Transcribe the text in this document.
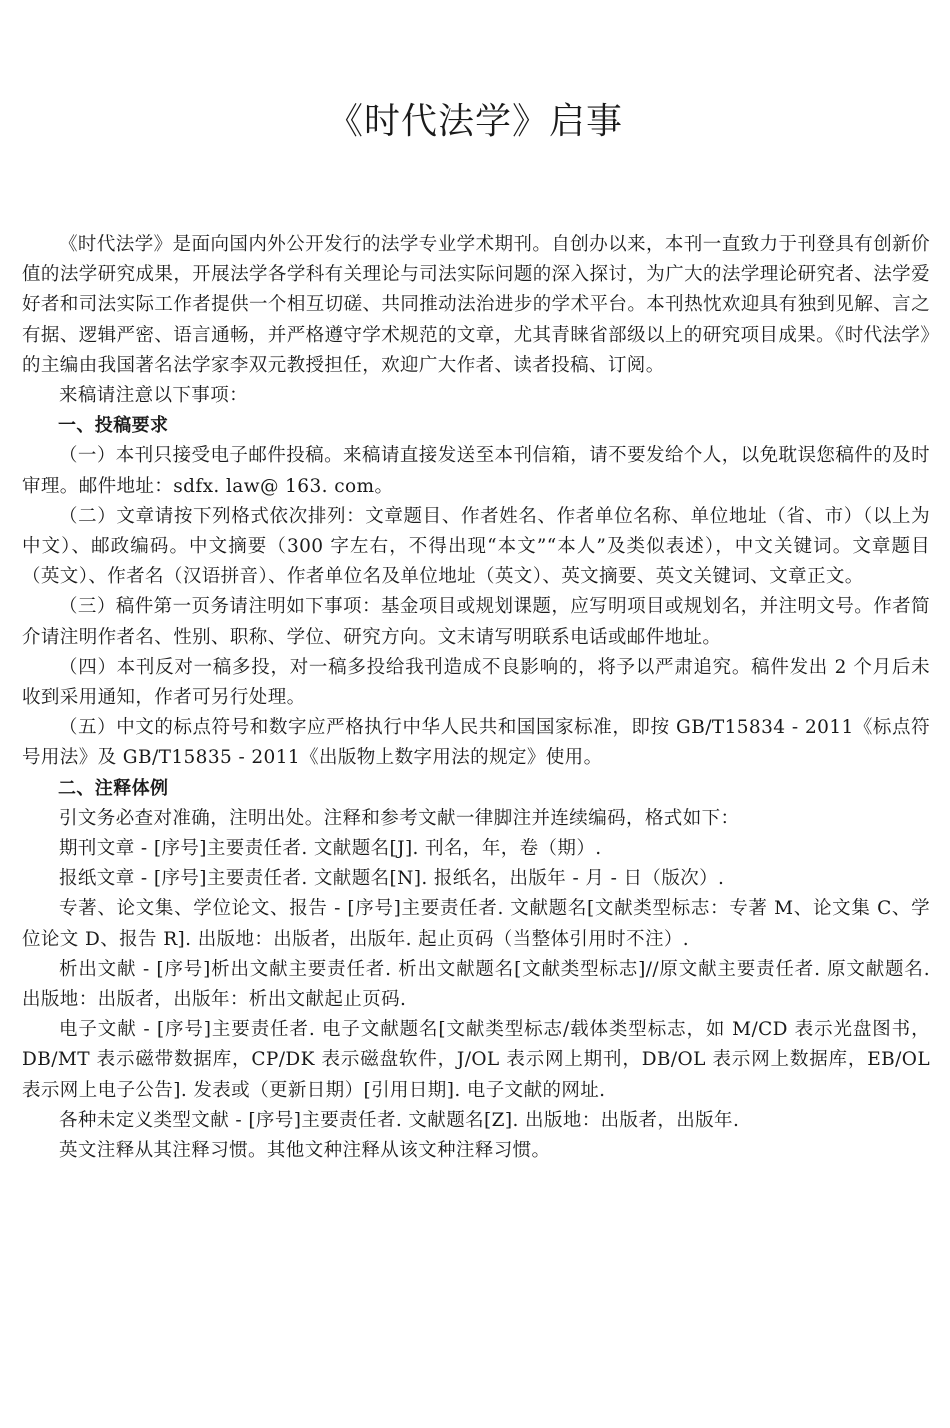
《时代法学》启事

《时代法学》是面向国内外公开发行的法学专业学术期刊。自创办以来，本刊一直致力于刊登具有创新价值的法学研究成果，开展法学各学科有关理论与司法实际问题的深入探讨，为广大的法学理论研究者、法学爱好者和司法实际工作者提供一个相互切磋、共同推动法治进步的学术平台。本刊热忱欢迎具有独到见解、言之有据、逻辑严密、语言通畅，并严格遵守学术规范的文章，尤其青睐省部级以上的研究项目成果。《时代法学》的主编由我国著名法学家李双元教授担任，欢迎广大作者、读者投稿、订阅。

来稿请注意以下事项：

一、投稿要求

（一）本刊只接受电子邮件投稿。来稿请直接发送至本刊信箱，请不要发给个人，以免耽误您稿件的及时审理。邮件地址：sdfx. law@ 163. com。

（二）文章请按下列格式依次排列：文章题目、作者姓名、作者单位名称、单位地址（省、市）（以上为中文）、邮政编码。中文摘要（300 字左右，不得出现“本文”“本人”及类似表述），中文关键词。文章题目（英文）、作者名（汉语拼音）、作者单位名及单位地址（英文）、英文摘要、英文关键词、文章正文。

（三）稿件第一页务请注明如下事项：基金项目或规划课题，应写明项目或规划名，并注明文号。作者简介请注明作者名、性别、职称、学位、研究方向。文末请写明联系电话或邮件地址。

（四）本刊反对一稿多投，对一稿多投给我刊造成不良影响的，将予以严肃追究。稿件发出 2 个月后未收到采用通知，作者可另行处理。

（五）中文的标点符号和数字应严格执行中华人民共和国国家标准，即按 GB/T15834 - 2011《标点符号用法》及 GB/T15835 - 2011《出版物上数字用法的规定》使用。

二、注释体例

引文务必查对准确，注明出处。注释和参考文献一律脚注并连续编码，格式如下：

期刊文章 - [序号]主要责任者. 文献题名[J]. 刊名，年，卷（期）.

报纸文章 - [序号]主要责任者. 文献题名[N]. 报纸名，出版年 - 月 - 日（版次）.

专著、论文集、学位论文、报告 - [序号]主要责任者. 文献题名[文献类型标志：专著 M、论文集 C、学位论文 D、报告 R]. 出版地：出版者，出版年. 起止页码（当整体引用时不注）.

析出文献 - [序号]析出文献主要责任者. 析出文献题名[文献类型标志]//原文献主要责任者. 原文献题名. 出版地：出版者，出版年：析出文献起止页码.

电子文献 - [序号]主要责任者. 电子文献题名[文献类型标志/载体类型标志，如 M/CD 表示光盘图书，DB/MT 表示磁带数据库，CP/DK 表示磁盘软件，J/OL 表示网上期刊，DB/OL 表示网上数据库，EB/OL 表示网上电子公告]. 发表或（更新日期）[引用日期]. 电子文献的网址.

各种未定义类型文献 - [序号]主要责任者. 文献题名[Z]. 出版地：出版者，出版年.

英文注释从其注释习惯。其他文种注释从该文种注释习惯。
